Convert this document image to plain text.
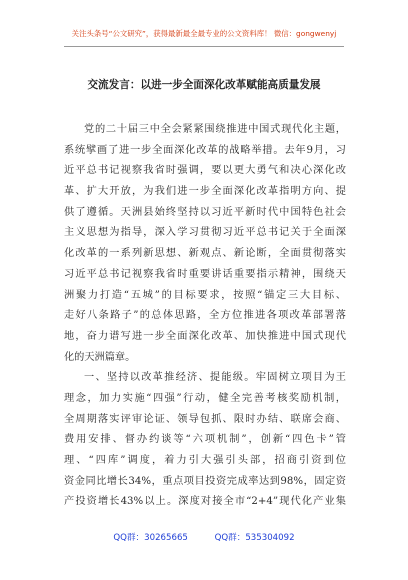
关注头条号“公文研究”，获得最新最全最专业的公文资料库！ 微信：gongwenyj
交流发言：以进一步全面深化改革赋能高质量发展
党的二十届三中全会紧紧围绕推进中国式现代化主题，
系统擘画了进一步全面深化改革的战略举措。去年9月，习
近平总书记视察我省时强调，要以更大勇气和决心深化改
革、扩大开放，为我们进一步全面深化改革指明方向、提
供了遵循。天洲县始终坚持以习近平新时代中国特色社会
主义思想为指导，深入学习贯彻习近平总书记关于全面深
化改革的一系列新思想、新观点、新论断，全面贯彻落实
习近平总书记视察我省时重要讲话重要指示精神，围绕天
洲聚力打造“五城”的目标要求，按照“锚定三大目标、
走好八条路子”的总体思路，全方位推进各项改革部署落
地，奋力谱写进一步全面深化改革、加快推进中国式现代
化的天洲篇章。
一、坚持以改革推经济、提能级。牢固树立项目为王
理念，加力实施“四强”行动，健全完善考核奖励机制，
全周期落实评审论证、领导包抓、限时办结、联席会商、
费用安排、督办约谈等“六项机制”，创新“四色卡”管
理、“四库”调度，着力引大强引头部，招商引资到位
资金同比增长34%，重点项目投资完成率达到98%，固定资
产投资增长43%以上。深度对接全市“2+4”现代化产业集
QQ群：30265665	QQ群：535304092
